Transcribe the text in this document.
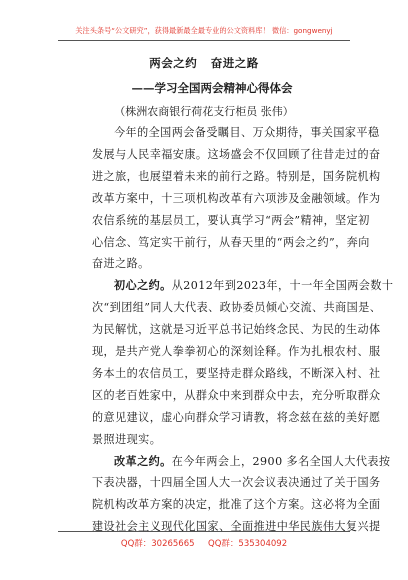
关注头条号“公文研究”，获得最新最全最专业的公文资料库！ 微信：gongwenyj
两会之约   奋进之路
——学习全国两会精神心得体会
（株洲农商银行荷花支行柜员 张伟）
今年的全国两会备受瞩目、万众期待，事关国家平稳
发展与人民幸福安康。这场盛会不仅回顾了往昔走过的奋
进之旅，也展望着未来的前行之路。特别是，国务院机构
改革方案中，十三项机构改革有六项涉及金融领域。作为
农信系统的基层员工，要认真学习“两会”精神，坚定初
心信念、笃定实干前行，从春天里的“两会之约”，奔向
奋进之路。
初心之约。从2012年到2023年，十一年全国两会数十
次“到团组”同人大代表、政协委员倾心交流、共商国是、
为民解忧，这就是习近平总书记始终念民、为民的生动体
现，是共产党人拳拳初心的深刻诠释。作为扎根农村、服
务本土的农信员工，要坚持走群众路线，不断深入村、社
区的老百姓家中，从群众中来到群众中去，充分听取群众
的意见建议，虚心向群众学习请教，将念兹在兹的美好愿
景照进现实。
改革之约。在今年两会上，2900 多名全国人大代表按
下表决器，十四届全国人大一次会议表决通过了关于国务
院机构改革方案的决定，批准了这个方案。这必将为全面
建设社会主义现代化国家、全面推进中华民族伟大复兴提
QQ群：30265665 QQ群：535304092
